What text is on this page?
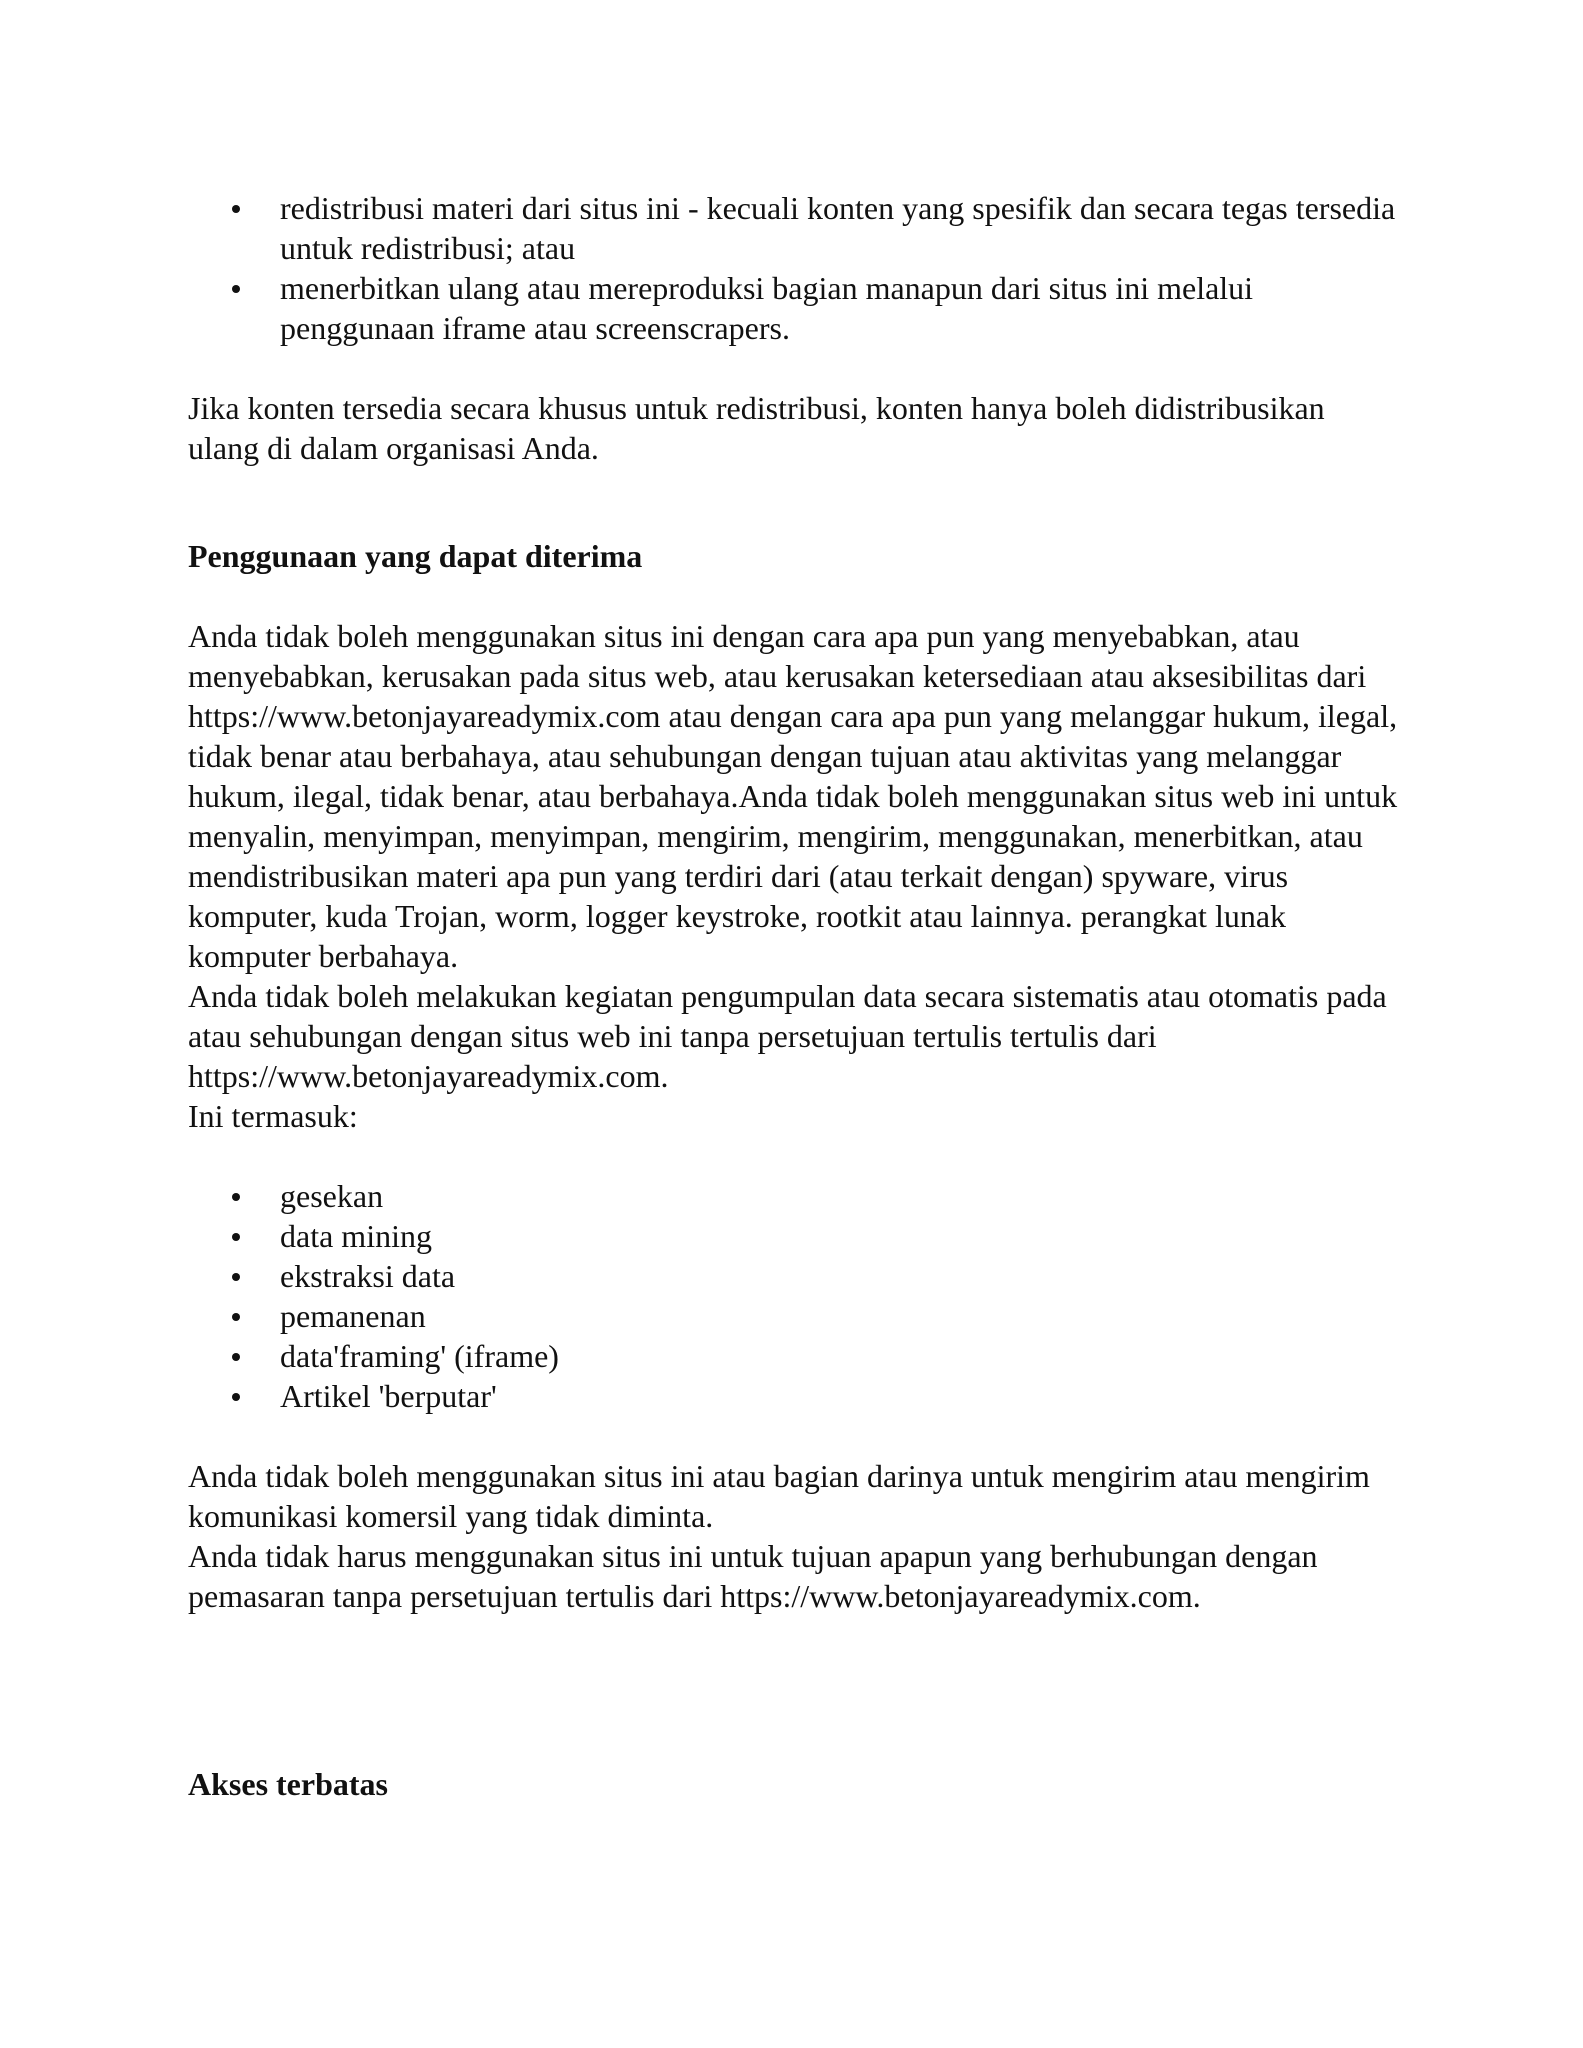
redistribusi materi dari situs ini - kecuali konten yang spesifik dan secara tegas tersedia untuk redistribusi; atau
menerbitkan ulang atau mereproduksi bagian manapun dari situs ini melalui penggunaan iframe atau screenscrapers.

Jika konten tersedia secara khusus untuk redistribusi, konten hanya boleh didistribusikan ulang di dalam organisasi Anda.

Penggunaan yang dapat diterima

Anda tidak boleh menggunakan situs ini dengan cara apa pun yang menyebabkan, atau menyebabkan, kerusakan pada situs web, atau kerusakan ketersediaan atau aksesibilitas dari https://www.betonjayareadymix.com atau dengan cara apa pun yang melanggar hukum, ilegal, tidak benar atau berbahaya, atau sehubungan dengan tujuan atau aktivitas yang melanggar hukum, ilegal, tidak benar, atau berbahaya.Anda tidak boleh menggunakan situs web ini untuk menyalin, menyimpan, menyimpan, mengirim, mengirim, menggunakan, menerbitkan, atau mendistribusikan materi apa pun yang terdiri dari (atau terkait dengan) spyware, virus komputer, kuda Trojan, worm, logger keystroke, rootkit atau lainnya. perangkat lunak komputer berbahaya.

Anda tidak boleh melakukan kegiatan pengumpulan data secara sistematis atau otomatis pada atau sehubungan dengan situs web ini tanpa persetujuan tertulis tertulis dari https://www.betonjayareadymix.com.

Ini termasuk:

gesekan
data mining
ekstraksi data
pemanenan
data'framing' (iframe)
Artikel 'berputar'

Anda tidak boleh menggunakan situs ini atau bagian darinya untuk mengirim atau mengirim komunikasi komersil yang tidak diminta.

Anda tidak harus menggunakan situs ini untuk tujuan apapun yang berhubungan dengan pemasaran tanpa persetujuan tertulis dari https://www.betonjayareadymix.com.

Akses terbatas
